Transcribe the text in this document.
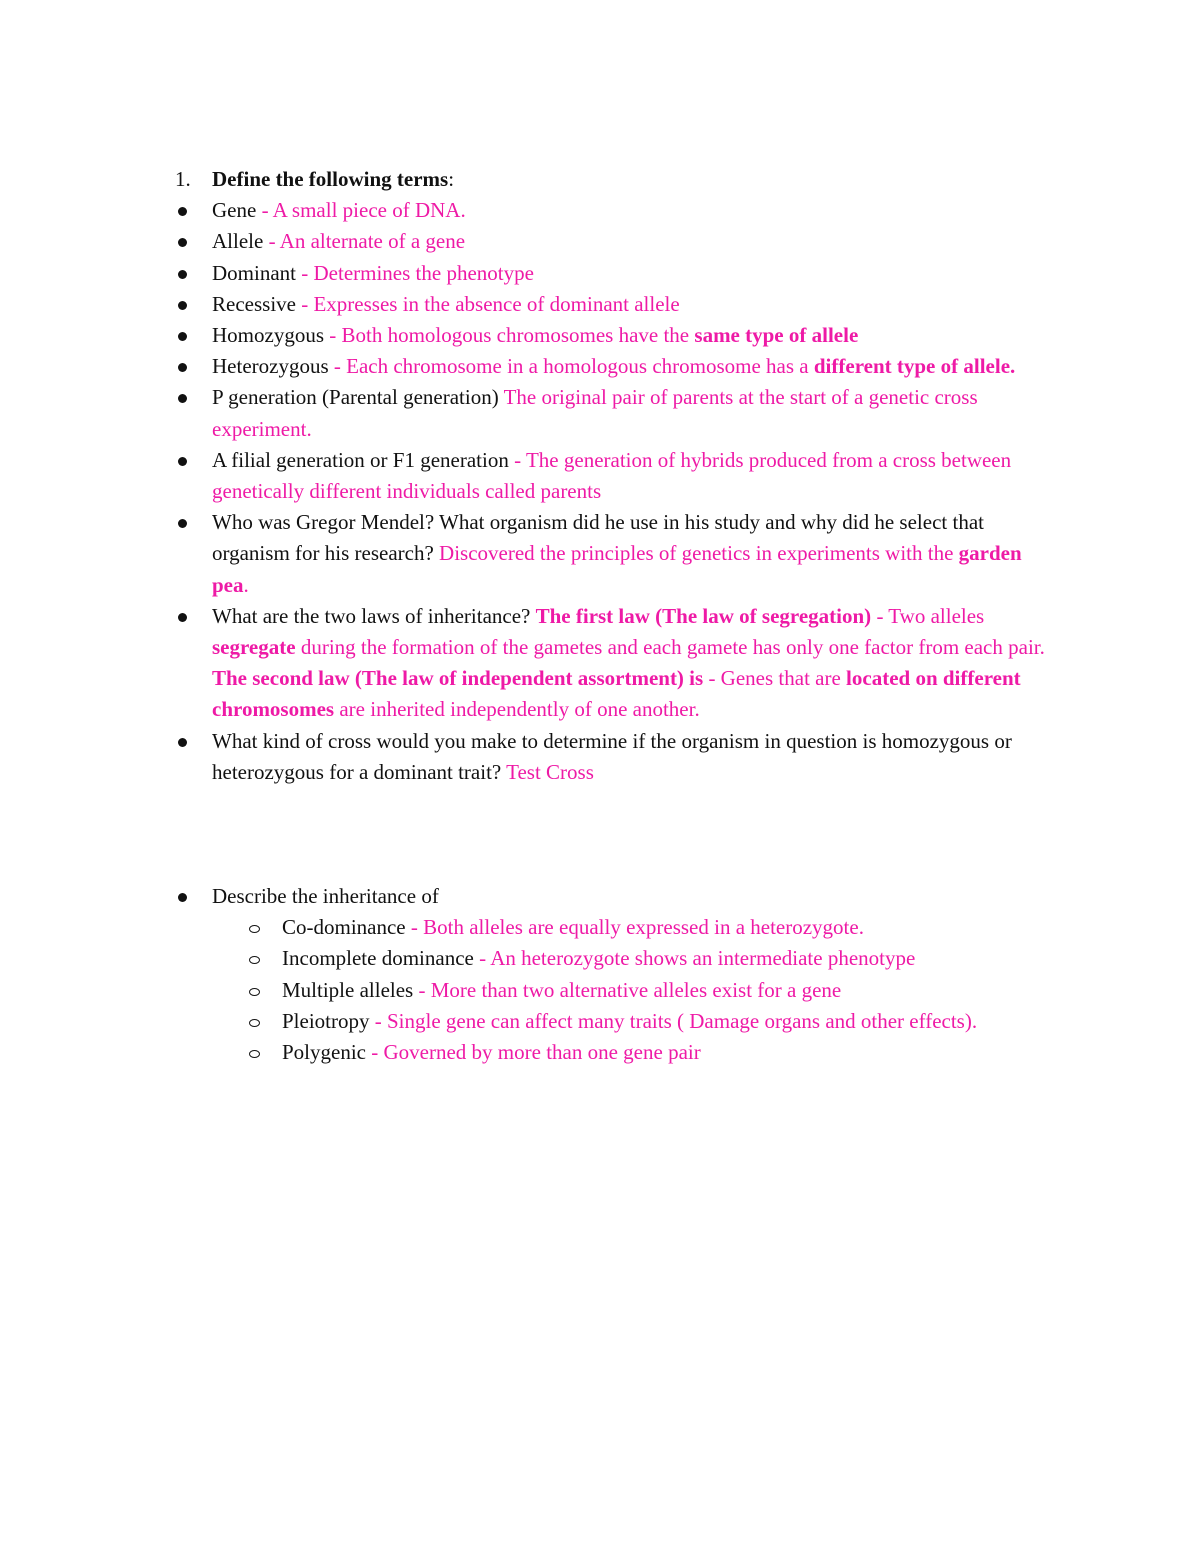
1.	Define the following terms:
Gene - A small piece of DNA.
Allele - An alternate of a gene
Dominant - Determines the phenotype
Recessive - Expresses in the absence of dominant allele
Homozygous - Both homologous chromosomes have the same type of allele
Heterozygous - Each chromosome in a homologous chromosome has a different type of allele.
P generation (Parental generation) The original pair of parents at the start of a genetic cross experiment.
A filial generation or F1 generation - The generation of hybrids produced from a cross between genetically different individuals called parents
Who was Gregor Mendel? What organism did he use in his study and why did he select that organism for his research? Discovered the principles of genetics in experiments with the garden pea.
What are the two laws of inheritance? The first law (The law of segregation) - Two alleles segregate during the formation of the gametes and each gamete has only one factor from each pair. The second law (The law of independent assortment) is - Genes that are located on different chromosomes are inherited independently of one another.
What kind of cross would you make to determine if the organism in question is homozygous or heterozygous for a dominant trait? Test Cross
Describe the inheritance of
Co-dominance - Both alleles are equally expressed in a heterozygote.
Incomplete dominance - An heterozygote shows an intermediate phenotype
Multiple alleles - More than two alternative alleles exist for a gene
Pleiotropy - Single gene can affect many traits ( Damage organs and other effects).
Polygenic - Governed by more than one gene pair
